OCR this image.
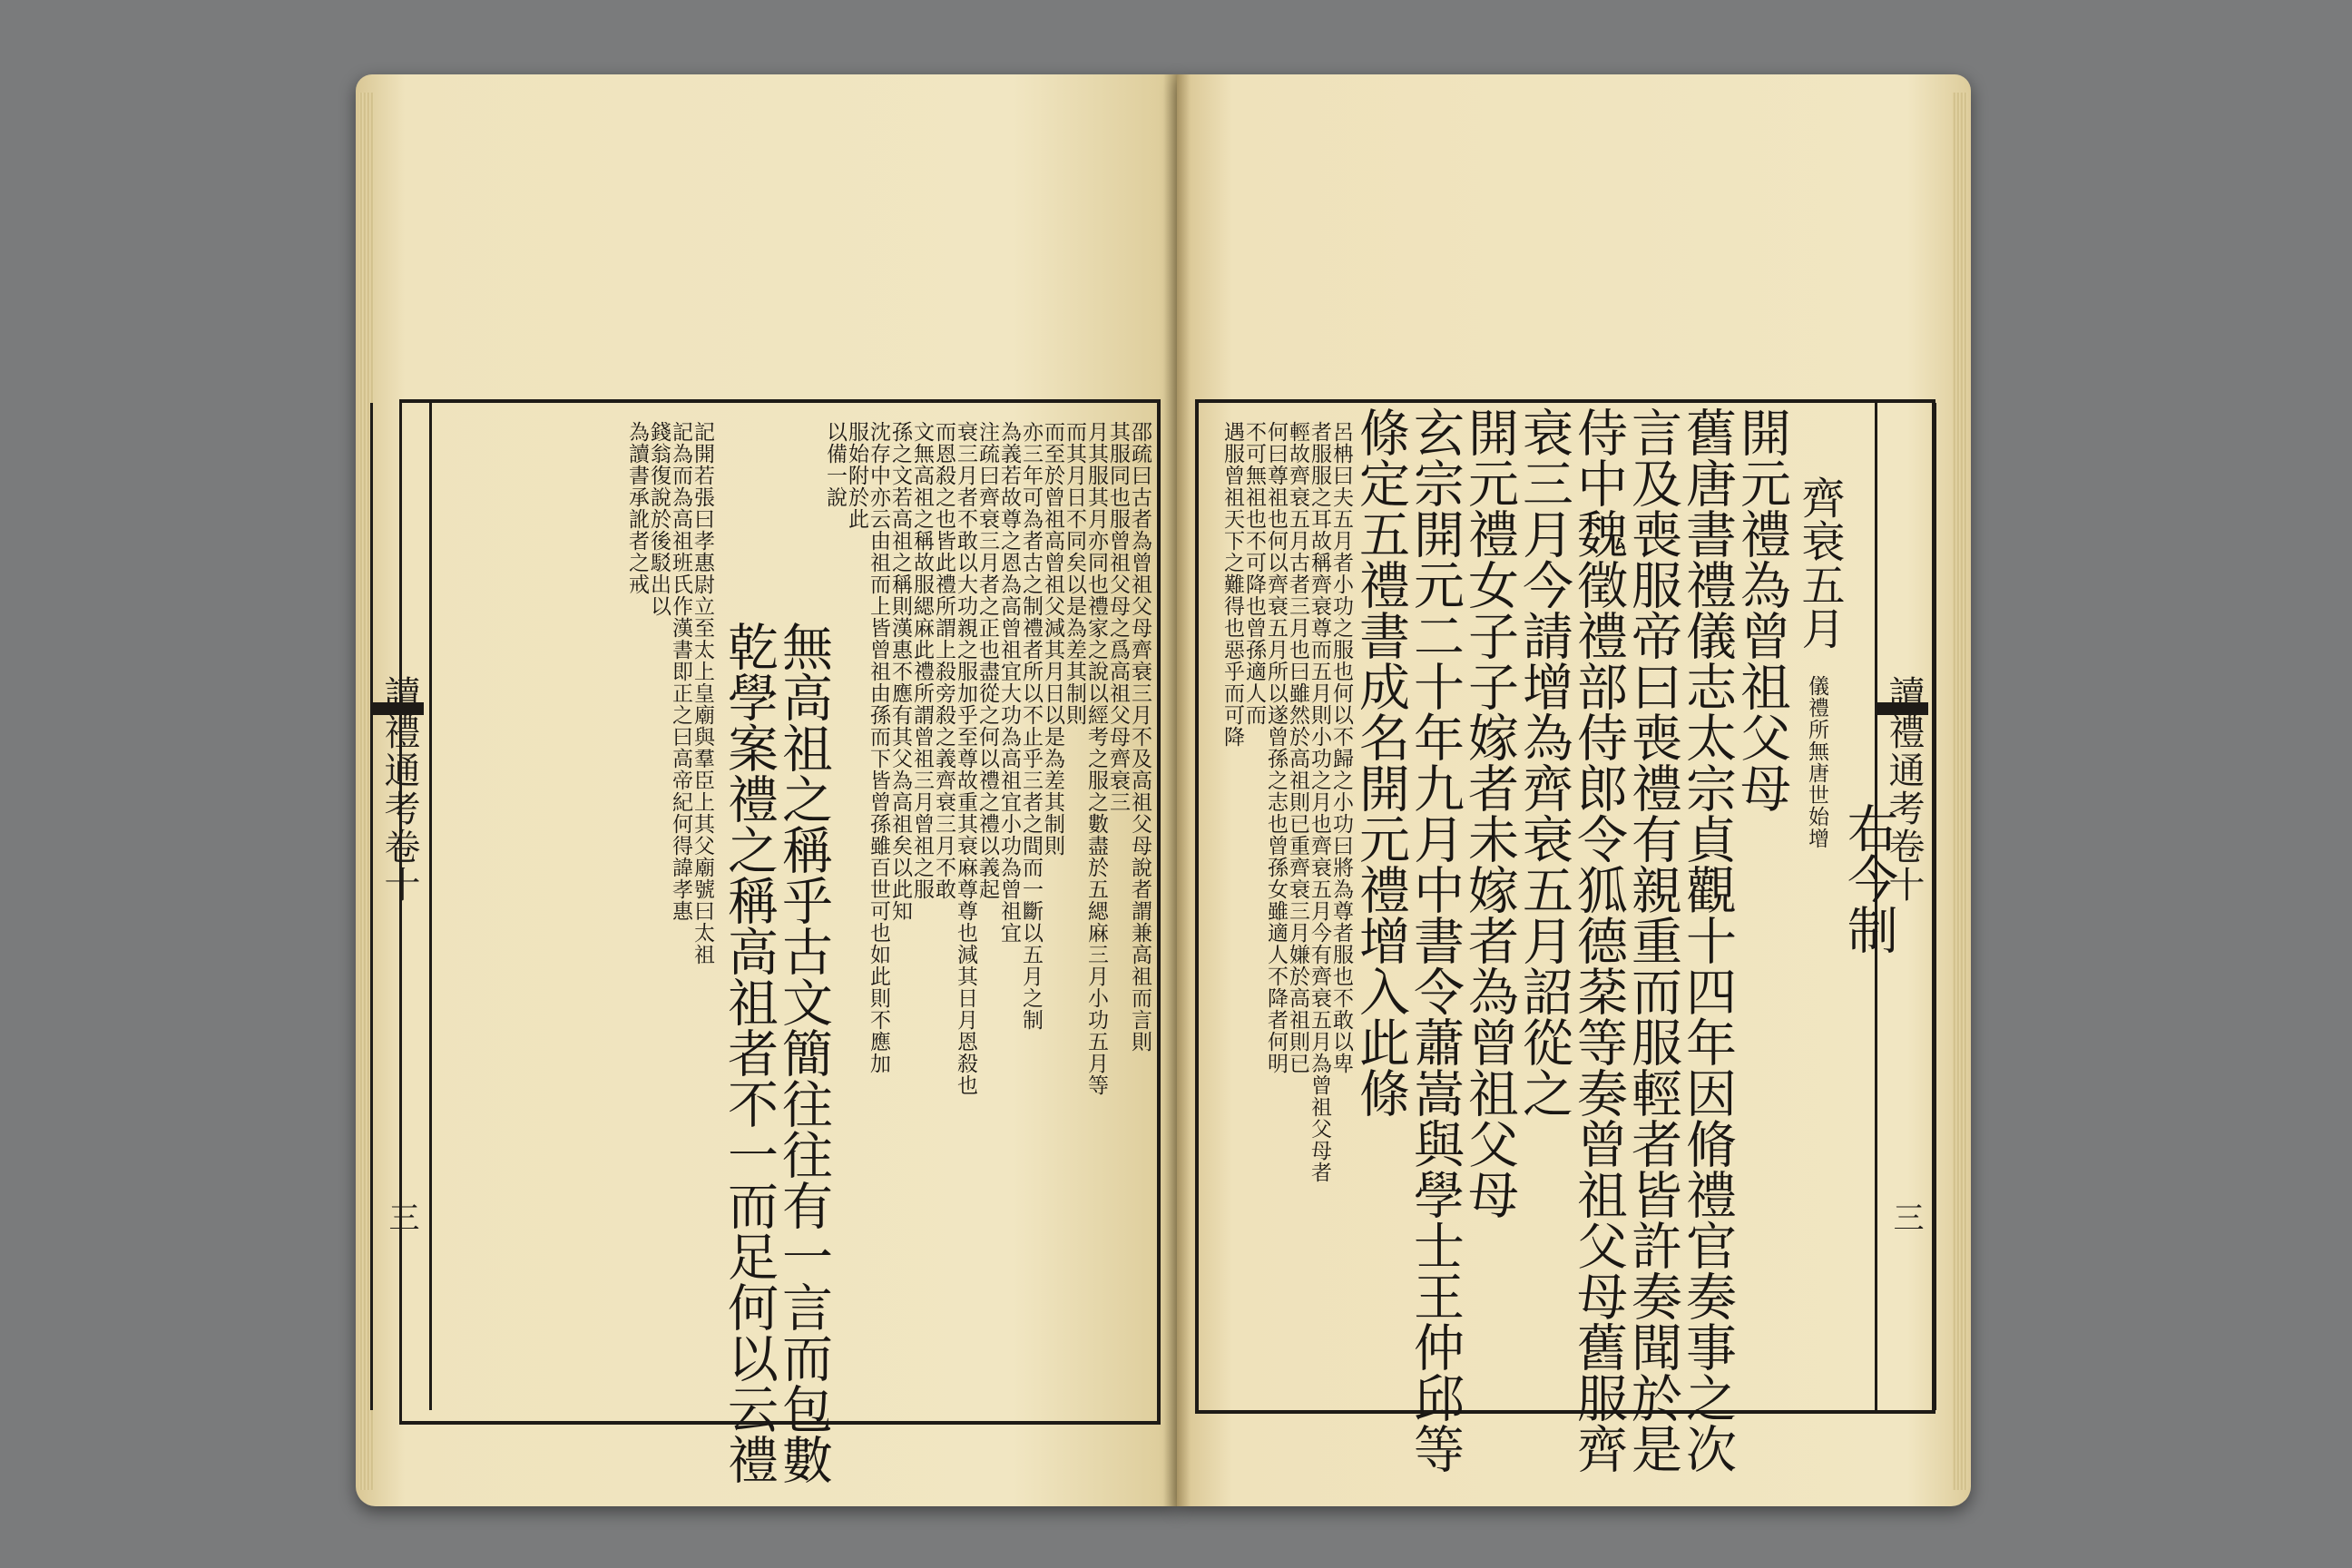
讀禮通考卷十
三	乾學案禮之稱高祖者不一而足何以云禮
無高祖之稱乎古文簡往往有一言而包數	邵疏曰古者為曾祖父母齊衰三月不及高祖父母說者謂兼高祖而言則
其服同也服曾祖父母之爲高祖父母齊衰三
月其服其月亦同也禮家之說以經考之服之數盡於五緦麻三月小功五月等
而其月日不同矣以是為差其制則
而至於曾祖高曾祖父減其月日以是為差其制則
亦三年可為者古之制禮者所以不止乎三者之間而一斷以五月之制
為義若故尊之恩為高曾祖宜大功為高祖宜小功為曾祖宜
注疏曰齊衰三月者之正也盡從之何以禮之禮以義起
衰三月者不敢以大功親之服加乎至尊故重其衰麻尊尊也減其日月恩殺也
而恩殺之也皆此禮所謂上殺旁殺之義齊衰三月不敢
文無高祖之稱故服緦麻此禮所謂曾祖三月曾祖之服
孫之文若高祖之稱則漢惠不應有其父為高祖矣以此知
沈存中亦云由祖而上皆曾祖由孫而下皆曾孫雖百世可也如此則不應加
服始附於此
以備一說
記開若張曰孝惠尉立至太上皇廟與羣臣上其父廟號曰太祖
記為而為高祖班氏作漢書即正之曰高帝紀何得諱孝惠
錢翁復說於後駁出以
為讀書承訛者之戒
讀禮通考卷十
三
右今制
齊衰五月
儀禮所無唐世始增
開元禮為曾祖父母
舊唐書禮儀志太宗貞觀十四年因脩禮官奏事之次
言及喪服帝曰喪禮有親重而服輕者皆許奏聞於是
侍中魏徵禮部侍郎令狐德棻等奏曾祖父母舊服齊
衰三月今請增為齊衰五月詔從之
開元禮女子子嫁者未嫁者為曾祖父母
玄宗開元二十年九月中書令蕭嵩與學士王仲邱等
條定五禮書成名開元禮增入此條
呂柟曰夫五月者小功之服也何以不歸之小功曰將為尊者服也不敢以卑
者服服之耳故稱齊衰尊而五月則小功之月也齊衰五月今有齊衰五月為曾祖父母者
輕故齊衰五月古者三月也曰雖然於高祖則已重齊衰三月嫌於高祖則已
何曰尊祖也何以齊衰五月所以遂曾孫之志也曾孫女雖適人不降者何明
不可無祖也不可降也曾孫適人而
遇服曾祖天下之難得也惡乎而可降
